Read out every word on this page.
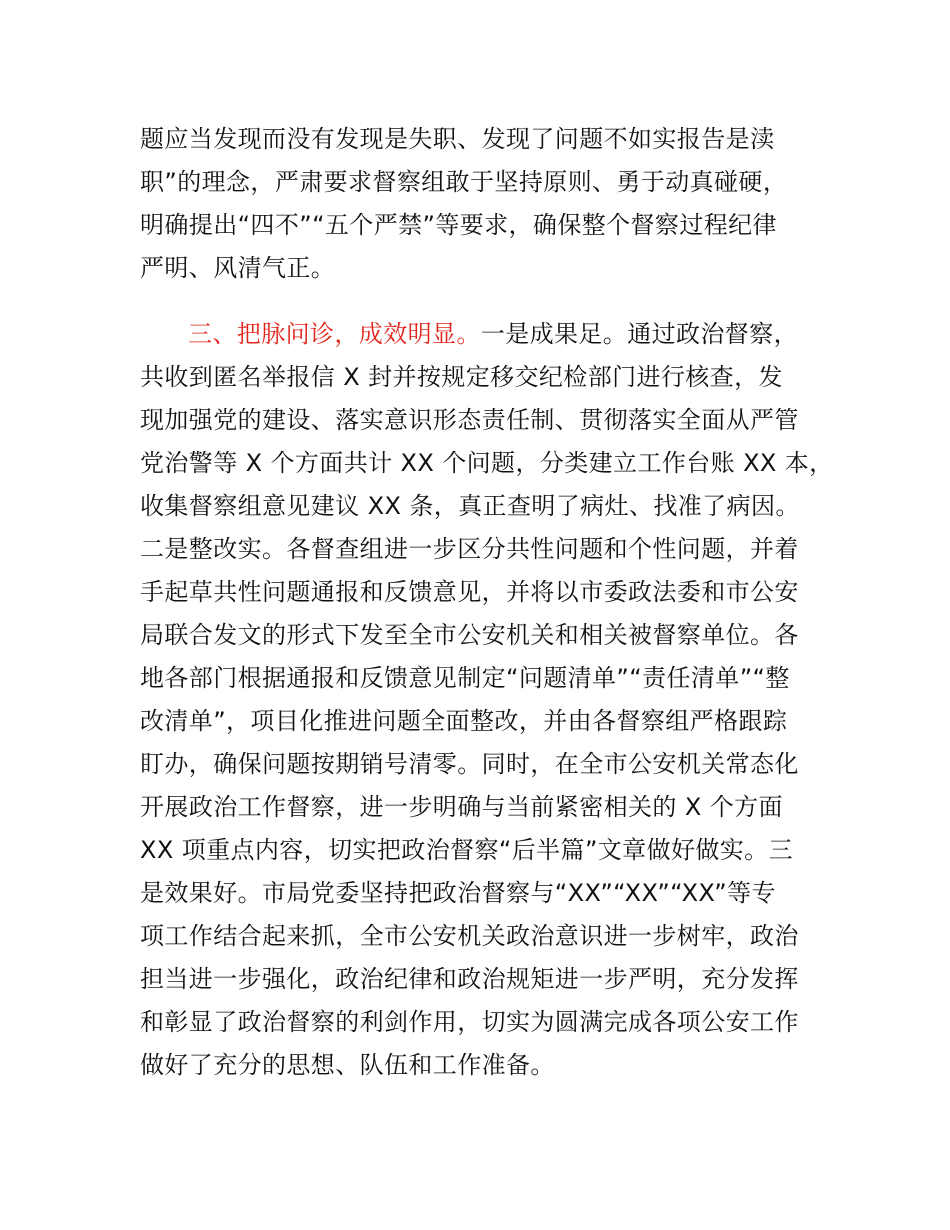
题应当发现而没有发现是失职、发现了问题不如实报告是渎
职”的理念，严肃要求督察组敢于坚持原则、勇于动真碰硬，
明确提出“四不”“五个严禁”等要求，确保整个督察过程纪律
严明、风清气正。
三、把脉问诊，成效明显。一是成果足。通过政治督察，
共收到匿名举报信 X 封并按规定移交纪检部门进行核查，发
现加强党的建设、落实意识形态责任制、贯彻落实全面从严管
党治警等 X 个方面共计 XX 个问题，分类建立工作台账 XX 本，
收集督察组意见建议 XX 条，真正查明了病灶、找准了病因。
二是整改实。各督查组进一步区分共性问题和个性问题，并着
手起草共性问题通报和反馈意见，并将以市委政法委和市公安
局联合发文的形式下发至全市公安机关和相关被督察单位。各
地各部门根据通报和反馈意见制定“问题清单”“责任清单”“整
改清单”，项目化推进问题全面整改，并由各督察组严格跟踪
盯办，确保问题按期销号清零。同时，在全市公安机关常态化
开展政治工作督察，进一步明确与当前紧密相关的 X 个方面
XX 项重点内容，切实把政治督察“后半篇”文章做好做实。三
是效果好。市局党委坚持把政治督察与“XX”“XX”“XX”等专
项工作结合起来抓，全市公安机关政治意识进一步树牢，政治
担当进一步强化，政治纪律和政治规矩进一步严明，充分发挥
和彰显了政治督察的利剑作用，切实为圆满完成各项公安工作
做好了充分的思想、队伍和工作准备。
